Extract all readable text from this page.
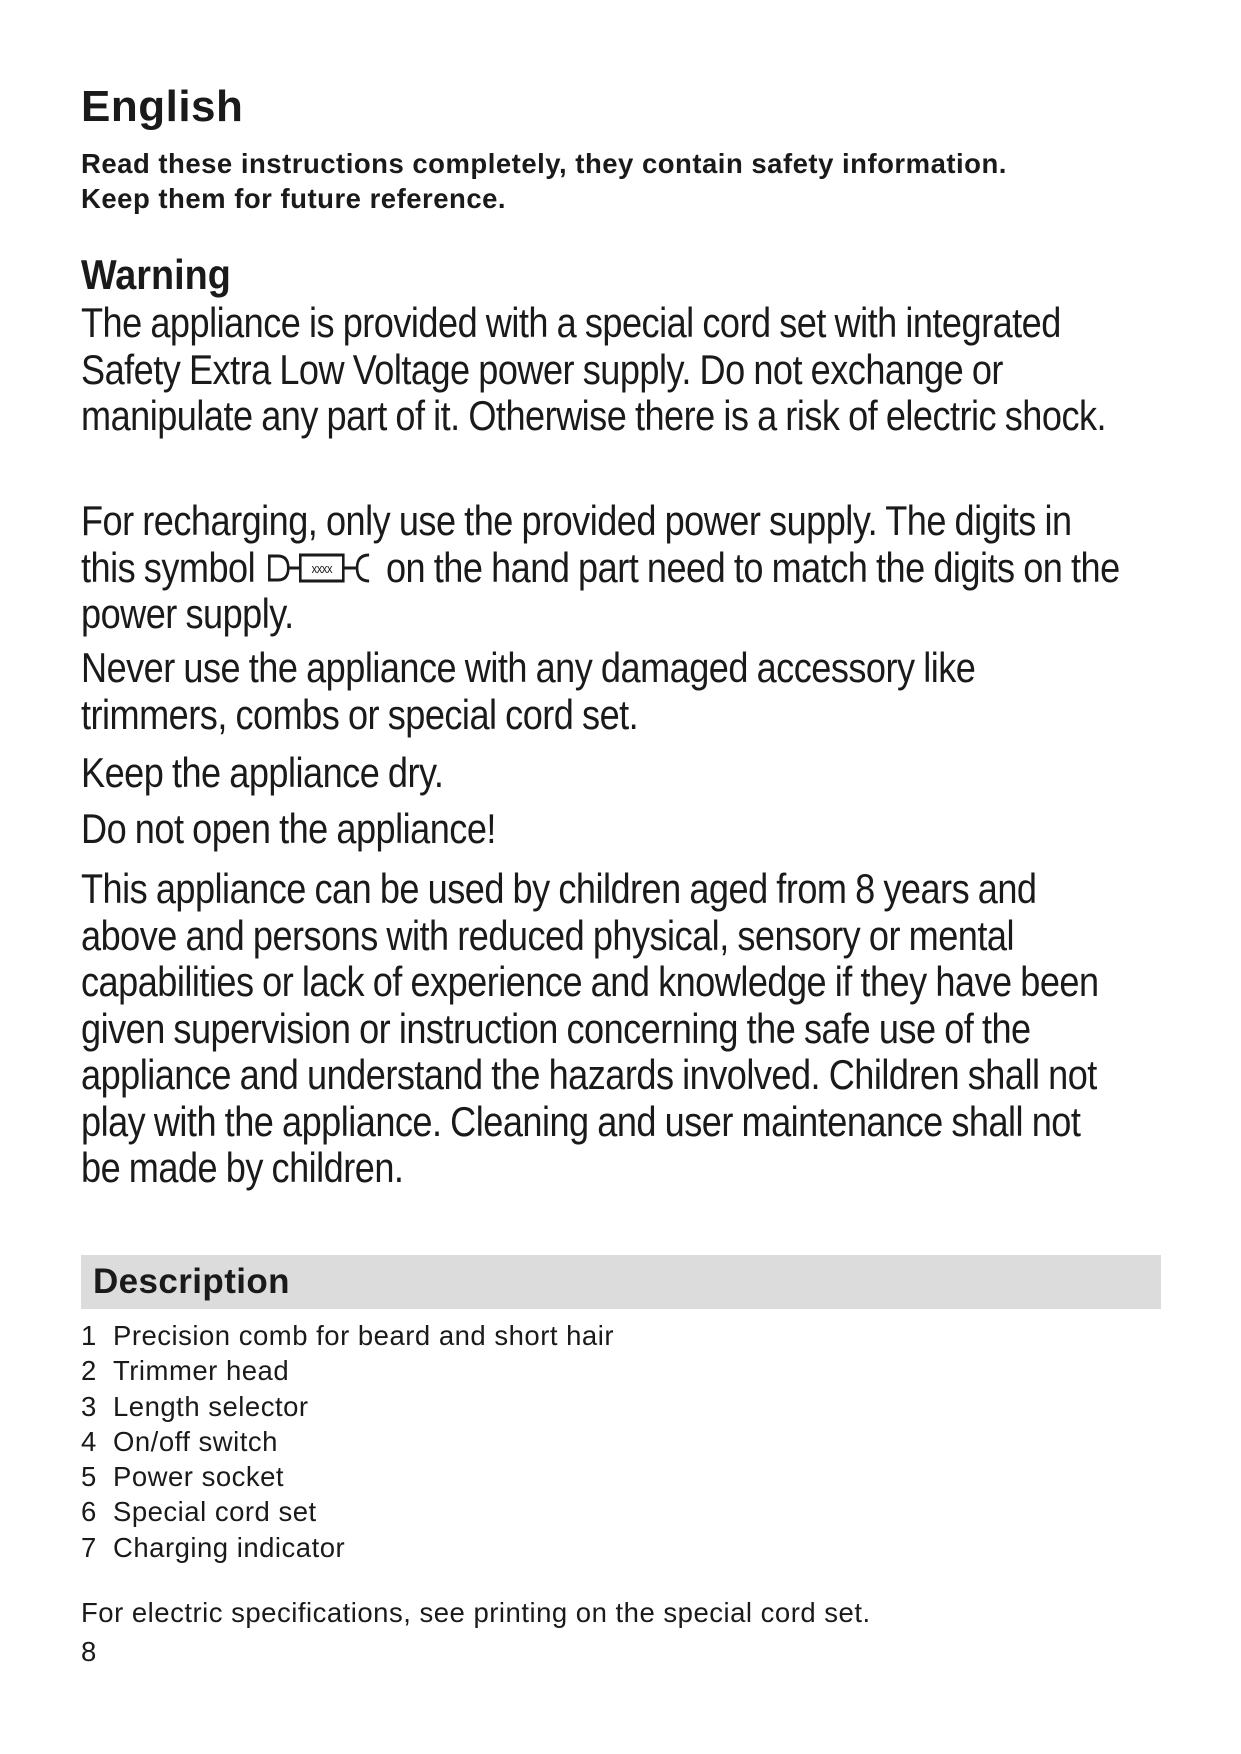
English

Read these instructions completely, they contain safety information.
Keep them for future reference.

Warning

The appliance is provided with a special cord set with integrated Safety Extra Low Voltage power supply. Do not exchange or manipulate any part of it. Otherwise there is a risk of electric shock.

For recharging, only use the provided power supply. The digits in this symbol	xxxx on the hand part need to match the digits on the power supply.

Never use the appliance with any damaged accessory like trimmers, combs or special cord set.

Keep the appliance dry.

Do not open the appliance!

This appliance can be used by children aged from 8 years and above and persons with reduced physical, sensory or mental capabilities or lack of experience and knowledge if they have been given supervision or instruction concerning the safe use of the appliance and understand the hazards involved. Children shall not play with the appliance. Cleaning and user maintenance shall not be made by children.

Description
1 Precision comb for beard and short hair
2 Trimmer head
3 Length selector
4 On/off switch
5 Power socket
6 Special cord set
7 Charging indicator

For electric specifications, see printing on the special cord set.

8
